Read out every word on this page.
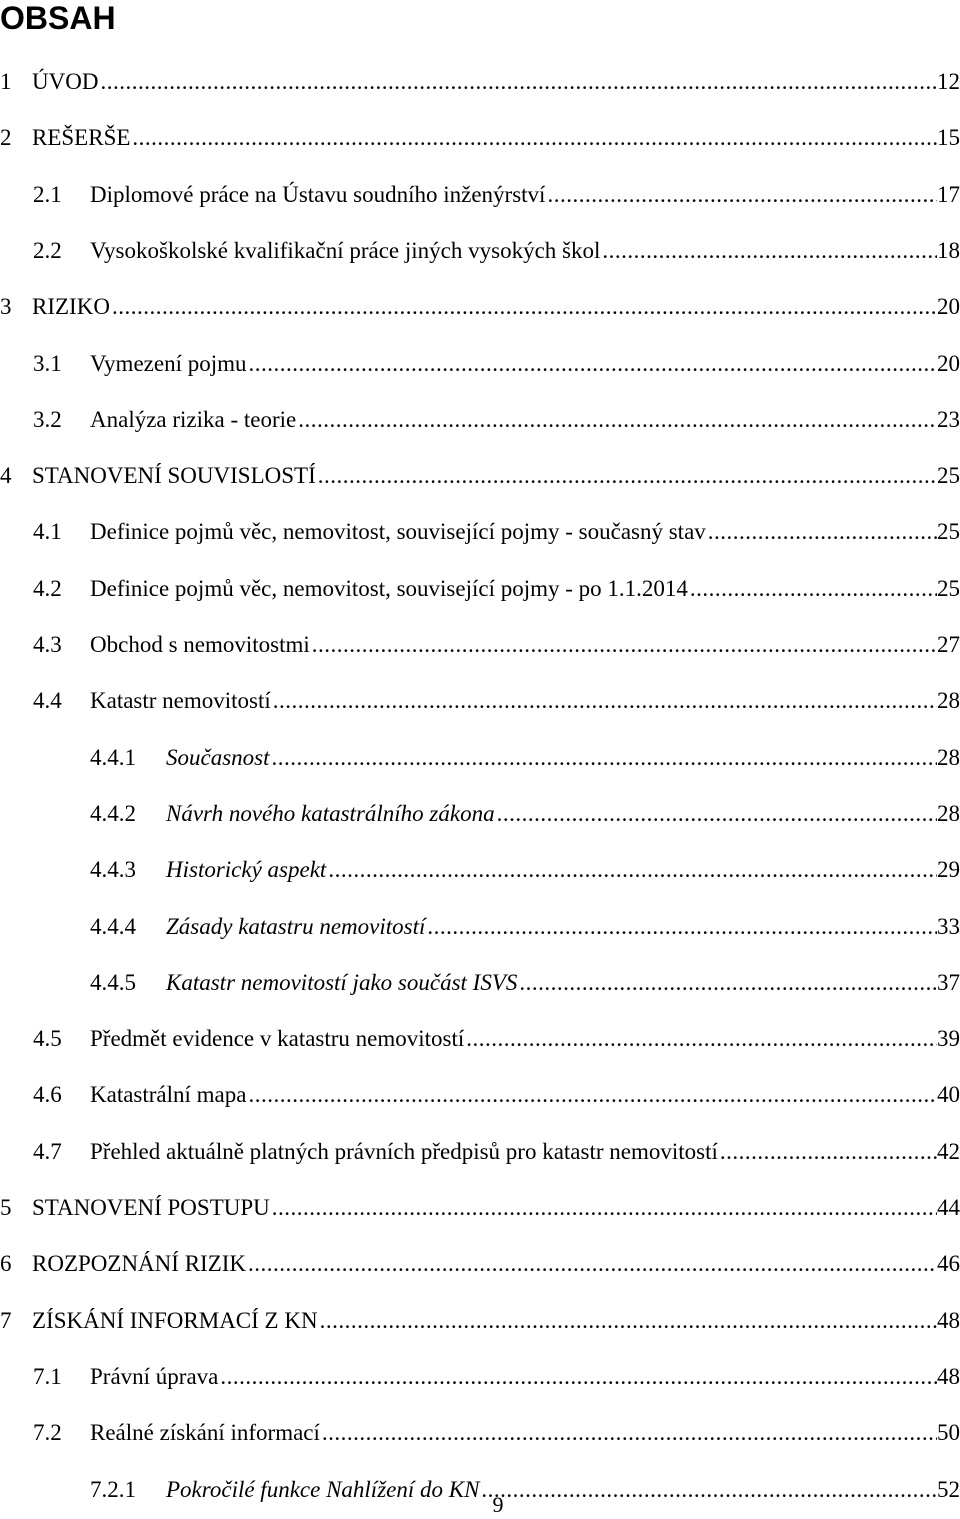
OBSAH
1 ÚVOD .....	12
2 REŠERŠE .....	15
2.1	Diplomové práce na Ústavu soudního inženýrství .....	17
2.2	Vysokoškolské kvalifikační práce jiných vysokých škol .....	18
3 RIZIKO .....	20
3.1	Vymezení pojmu .....	20
3.2	Analýza rizika - teorie .....	23
4 STANOVENÍ SOUVISLOSTÍ .....	25
4.1	Definice pojmů věc, nemovitost, související pojmy - současný stav .....	25
4.2	Definice pojmů věc, nemovitost, související pojmy - po 1.1.2014 .....	25
4.3	Obchod s nemovitostmi .....	27
4.4	Katastr nemovitostí .....	28
4.4.1	Současnost .....	28
4.4.2	Návrh nového katastrálního zákona .....	28
4.4.3	Historický aspekt .....	29
4.4.4	Zásady katastru nemovitostí .....	33
4.4.5	Katastr nemovitostí jako součást ISVS .....	37
4.5	Předmět evidence v katastru nemovitostí .....	39
4.6	Katastrální mapa .....	40
4.7	Přehled aktuálně platných právních předpisů pro katastr nemovitostí .....	42
5 STANOVENÍ POSTUPU .....	44
6 ROZPOZNÁNÍ RIZIK .....	46
7 ZÍSKÁNÍ INFORMACÍ Z KN .....	48
7.1	Právní úprava .....	48
7.2	Reálné získání informací .....	50
7.2.1	Pokročilé funkce Nahlížení do KN .....	52
9
